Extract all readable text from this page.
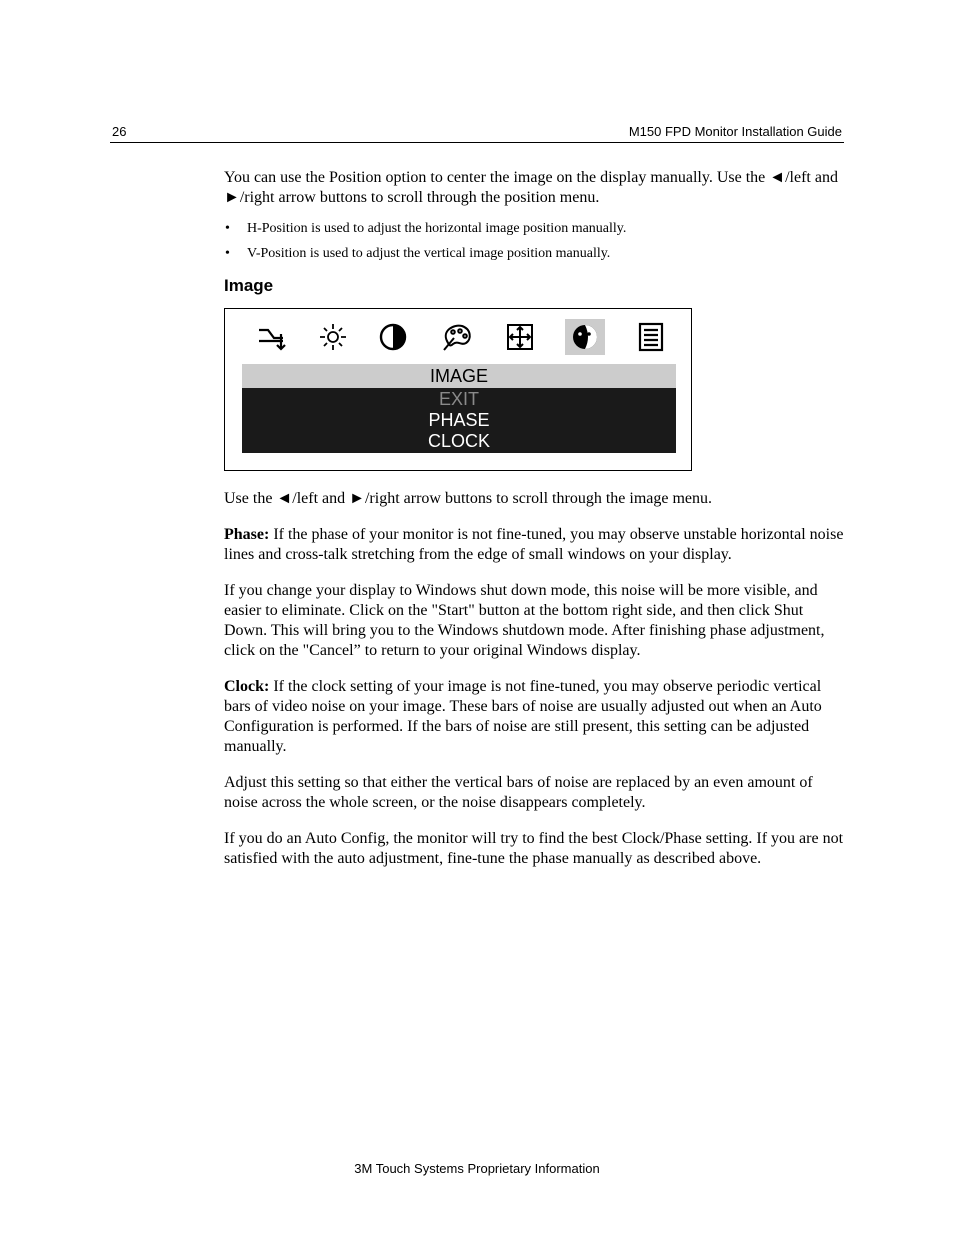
26	M150 FPD Monitor Installation Guide

You can use the Position option to center the image on the display manually. Use the ◄/left and ►/right arrow buttons to scroll through the position menu.

• H-Position is used to adjust the horizontal image position manually.
• V-Position is used to adjust the vertical image position manually.
Image
IMAGE
EXIT
PHASE
CLOCK

Use the ◄/left and ►/right arrow buttons to scroll through the image menu.

Phase: If the phase of your monitor is not fine-tuned, you may observe unstable horizontal noise lines and cross-talk stretching from the edge of small windows on your display.

If you change your display to Windows shut down mode, this noise will be more visible, and easier to eliminate. Click on the "Start" button at the bottom right side, and then click Shut Down. This will bring you to the Windows shutdown mode. After finishing phase adjustment, click on the "Cancel” to return to your original Windows display.

Clock: If the clock setting of your image is not fine-tuned, you may observe periodic vertical bars of video noise on your image. These bars of noise are usually adjusted out when an Auto Configuration is performed. If the bars of noise are still present, this setting can be adjusted manually.

Adjust this setting so that either the vertical bars of noise are replaced by an even amount of noise across the whole screen, or the noise disappears completely.

If you do an Auto Config, the monitor will try to find the best Clock/Phase setting. If you are not satisfied with the auto adjustment, fine-tune the phase manually as described above.

3M Touch Systems Proprietary Information
